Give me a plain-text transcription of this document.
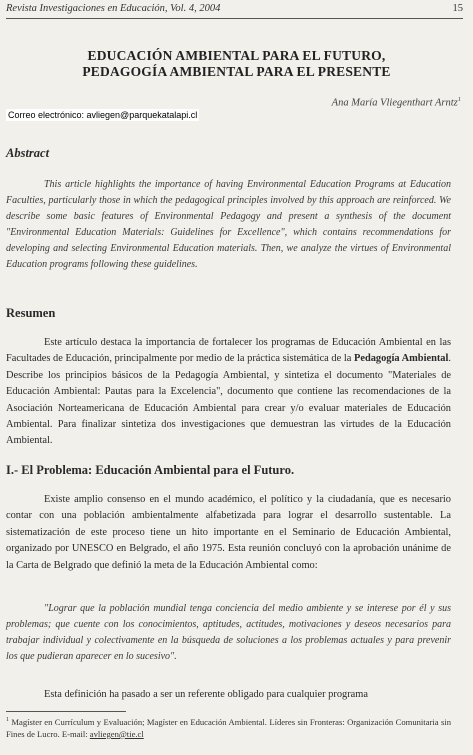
Revista Investigaciones en Educación, Vol. 4, 2004	15
EDUCACIÓN AMBIENTAL PARA EL FUTURO,
PEDAGOGÍA AMBIENTAL PARA EL PRESENTE
Ana María Vliegenthart Arntz$^1$
Correo electrónico: avliegen@parquekatalapi.cl
Abstract

This article highlights the importance of having Environmental Education Programs at Education Faculties, particularly those in which the pedagogical principles involved by this approach are reinforced. We describe some basic features of Environmental Pedagogy and present a synthesis of the document "Environmental Education Materials: Guidelines for Excellence", which contains recommendations for developing and selecting Environmental Education materials. Then, we analyze the virtues of Environmental Education programs following these guidelines.

Resumen

Este artículo destaca la importancia de fortalecer los programas de Educación Ambiental en las Facultades de Educación, principalmente por medio de la práctica sistemática de la Pedagogía Ambiental. Describe los principios básicos de la Pedagogía Ambiental, y sintetiza el documento "Materiales de Educación Ambiental: Pautas para la Excelencia", documento que contiene las recomendaciones de la Asociación Norteamericana de Educación Ambiental para crear y/o evaluar materiales de Educación Ambiental. Para finalizar sintetiza dos investigaciones que demuestran las virtudes de la Educación Ambiental.

I.- El Problema: Educación Ambiental para el Futuro.

Existe amplio consenso en el mundo académico, el político y la ciudadanía, que es necesario contar con una población ambientalmente alfabetizada para lograr el desarrollo sustentable. La sistematización de este proceso tiene un hito importante en el Seminario de Educación Ambiental, organizado por UNESCO en Belgrado, el año 1975. Esta reunión concluyó con la aprobación unánime de la Carta de Belgrado que definió la meta de la Educación Ambiental como:

"Lograr que la población mundial tenga conciencia del medio ambiente y se interese por él y sus problemas; que cuente con los conocimientos, aptitudes, actitudes, motivaciones y deseos necesarios para trabajar individual y colectivamente en la búsqueda de soluciones a los problemas actuales y para prevenir los que pudieran aparecer en lo sucesivo".

Esta definición ha pasado a ser un referente obligado para cualquier programa

$^1$ Magíster en Currículum y Evaluación; Magíster en Educación Ambiental. Líderes sin Fronteras: Organización Comunitaria sin Fines de Lucro. E-mail: avliegen@tie.cl
